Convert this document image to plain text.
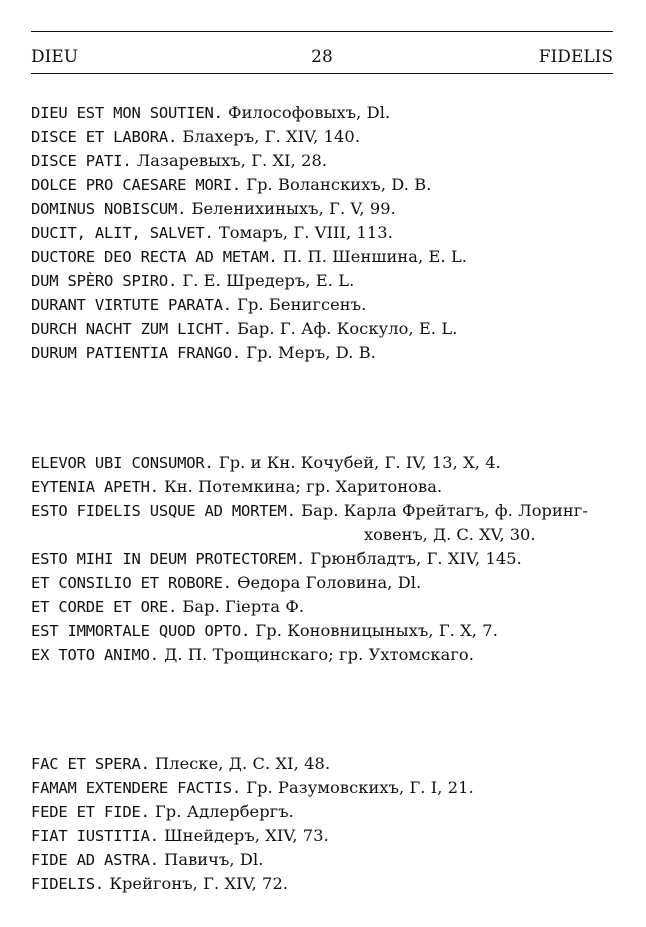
28
DIEU	FIDELIS
DIEU EST MON SOUTIEN. Философовыхъ, Dl.
DISCE ET LABORA. Блахеръ, Г. XIV, 140.
DISCE PATI. Лазаревыхъ, Г. XI, 28.
DOLCE PRO CAESARE MORI. Гр. Воланскихъ, D. B.
DOMINUS NOBISCUM. Беленихиныхъ, Г. V, 99.
DUCIT, ALIT, SALVET. Томаръ, Г. VIII, 113.
DUCTORE DEO RECTA AD METAM. П. П. Шеншина, E. L.
DUM SPÈRO SPIRO. Г. Е. Шредеръ, E. L.
DURANT VIRTUTE PARATA. Гр. Бенигсенъ.
DURCH NACHT ZUM LICHT. Бар. Г. Аф. Коскуло, E. L.
DURUM PATIENTIA FRANGO. Гр. Меръ, D. B.
ELEVOR UBI CONSUMOR. Гр. и Кн. Кочубей, Г. IV, 13, X, 4.
EYTENIA APETH. Кн. Потемкина; гр. Харитонова.
ESTO FIDELIS USQUE AD MORTEM. Бар. Карла Фрейтагъ, ф. Лоринг-
ховенъ, Д. С. XV, 30.
ESTO MIHI IN DEUM PROTECTOREM. Грюнбладтъ, Г. XIV, 145.
ET CONSILIO ET ROBORE. Өедора Головина, Dl.
ET CORDE ET ORE. Бар. Гіерта Ф.
EST IMMORTALE QUOD OPTO. Гр. Коновницыныхъ, Г. X, 7.
EX TOTO ANIMO. Д. П. Трощинскаго; гр. Ухтомскаго.
FAC ET SPERA. Плеске, Д. С. XI, 48.
FAMAM EXTENDERE FACTIS. Гр. Разумовскихъ, Г. I, 21.
FEDE ET FIDE. Гр. Адлербергъ.
FIAT IUSTITIA. Шнейдеръ, XIV, 73.
FIDE AD ASTRA. Павичъ, Dl.
FIDELIS. Крейгонъ, Г. XIV, 72.
